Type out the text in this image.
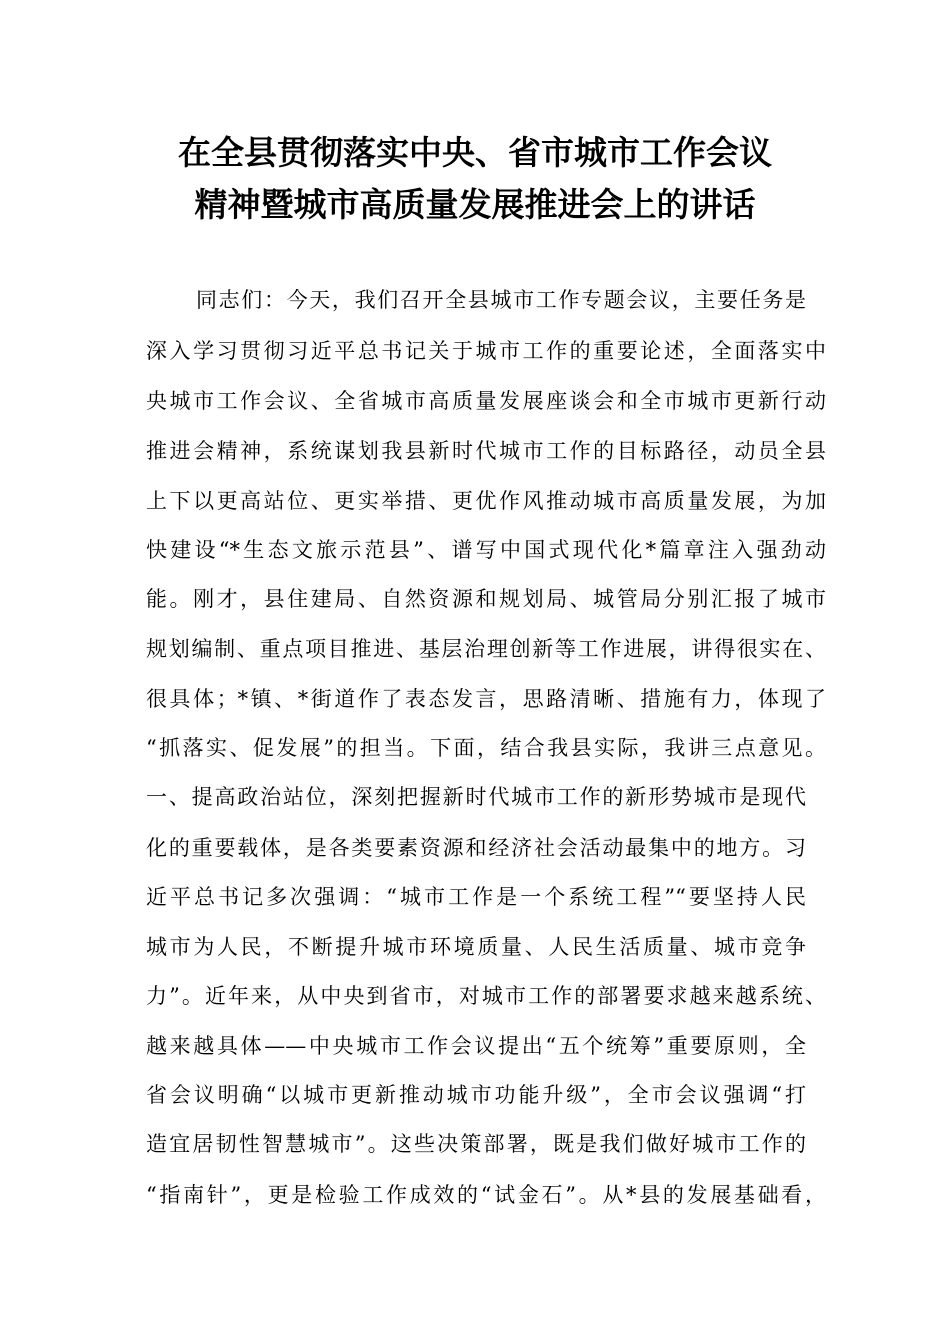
在全县贯彻落实中央、省市城市工作会议
精神暨城市高质量发展推进会上的讲话
同志们：今天，我们召开全县城市工作专题会议，主要任务是
深入学习贯彻习近平总书记关于城市工作的重要论述，全面落实中
央城市工作会议、全省城市高质量发展座谈会和全市城市更新行动
推进会精神，系统谋划我县新时代城市工作的目标路径，动员全县
上下以更高站位、更实举措、更优作风推动城市高质量发展，为加
快建设“*生态文旅示范县”、谱写中国式现代化*篇章注入强劲动
能。刚才，县住建局、自然资源和规划局、城管局分别汇报了城市
规划编制、重点项目推进、基层治理创新等工作进展，讲得很实在、
很具体；*镇、*街道作了表态发言，思路清晰、措施有力，体现了
“抓落实、促发展”的担当。下面，结合我县实际，我讲三点意见。
一、提高政治站位，深刻把握新时代城市工作的新形势城市是现代
化的重要载体，是各类要素资源和经济社会活动最集中的地方。习
近平总书记多次强调：“城市工作是一个系统工程”“要坚持人民
城市为人民，不断提升城市环境质量、人民生活质量、城市竞争
力”。近年来，从中央到省市，对城市工作的部署要求越来越系统、
越来越具体——中央城市工作会议提出“五个统筹”重要原则，全
省会议明确“以城市更新推动城市功能升级”，全市会议强调“打
造宜居韧性智慧城市”。这些决策部署，既是我们做好城市工作的
“指南针”，更是检验工作成效的“试金石”。从*县的发展基础看，
